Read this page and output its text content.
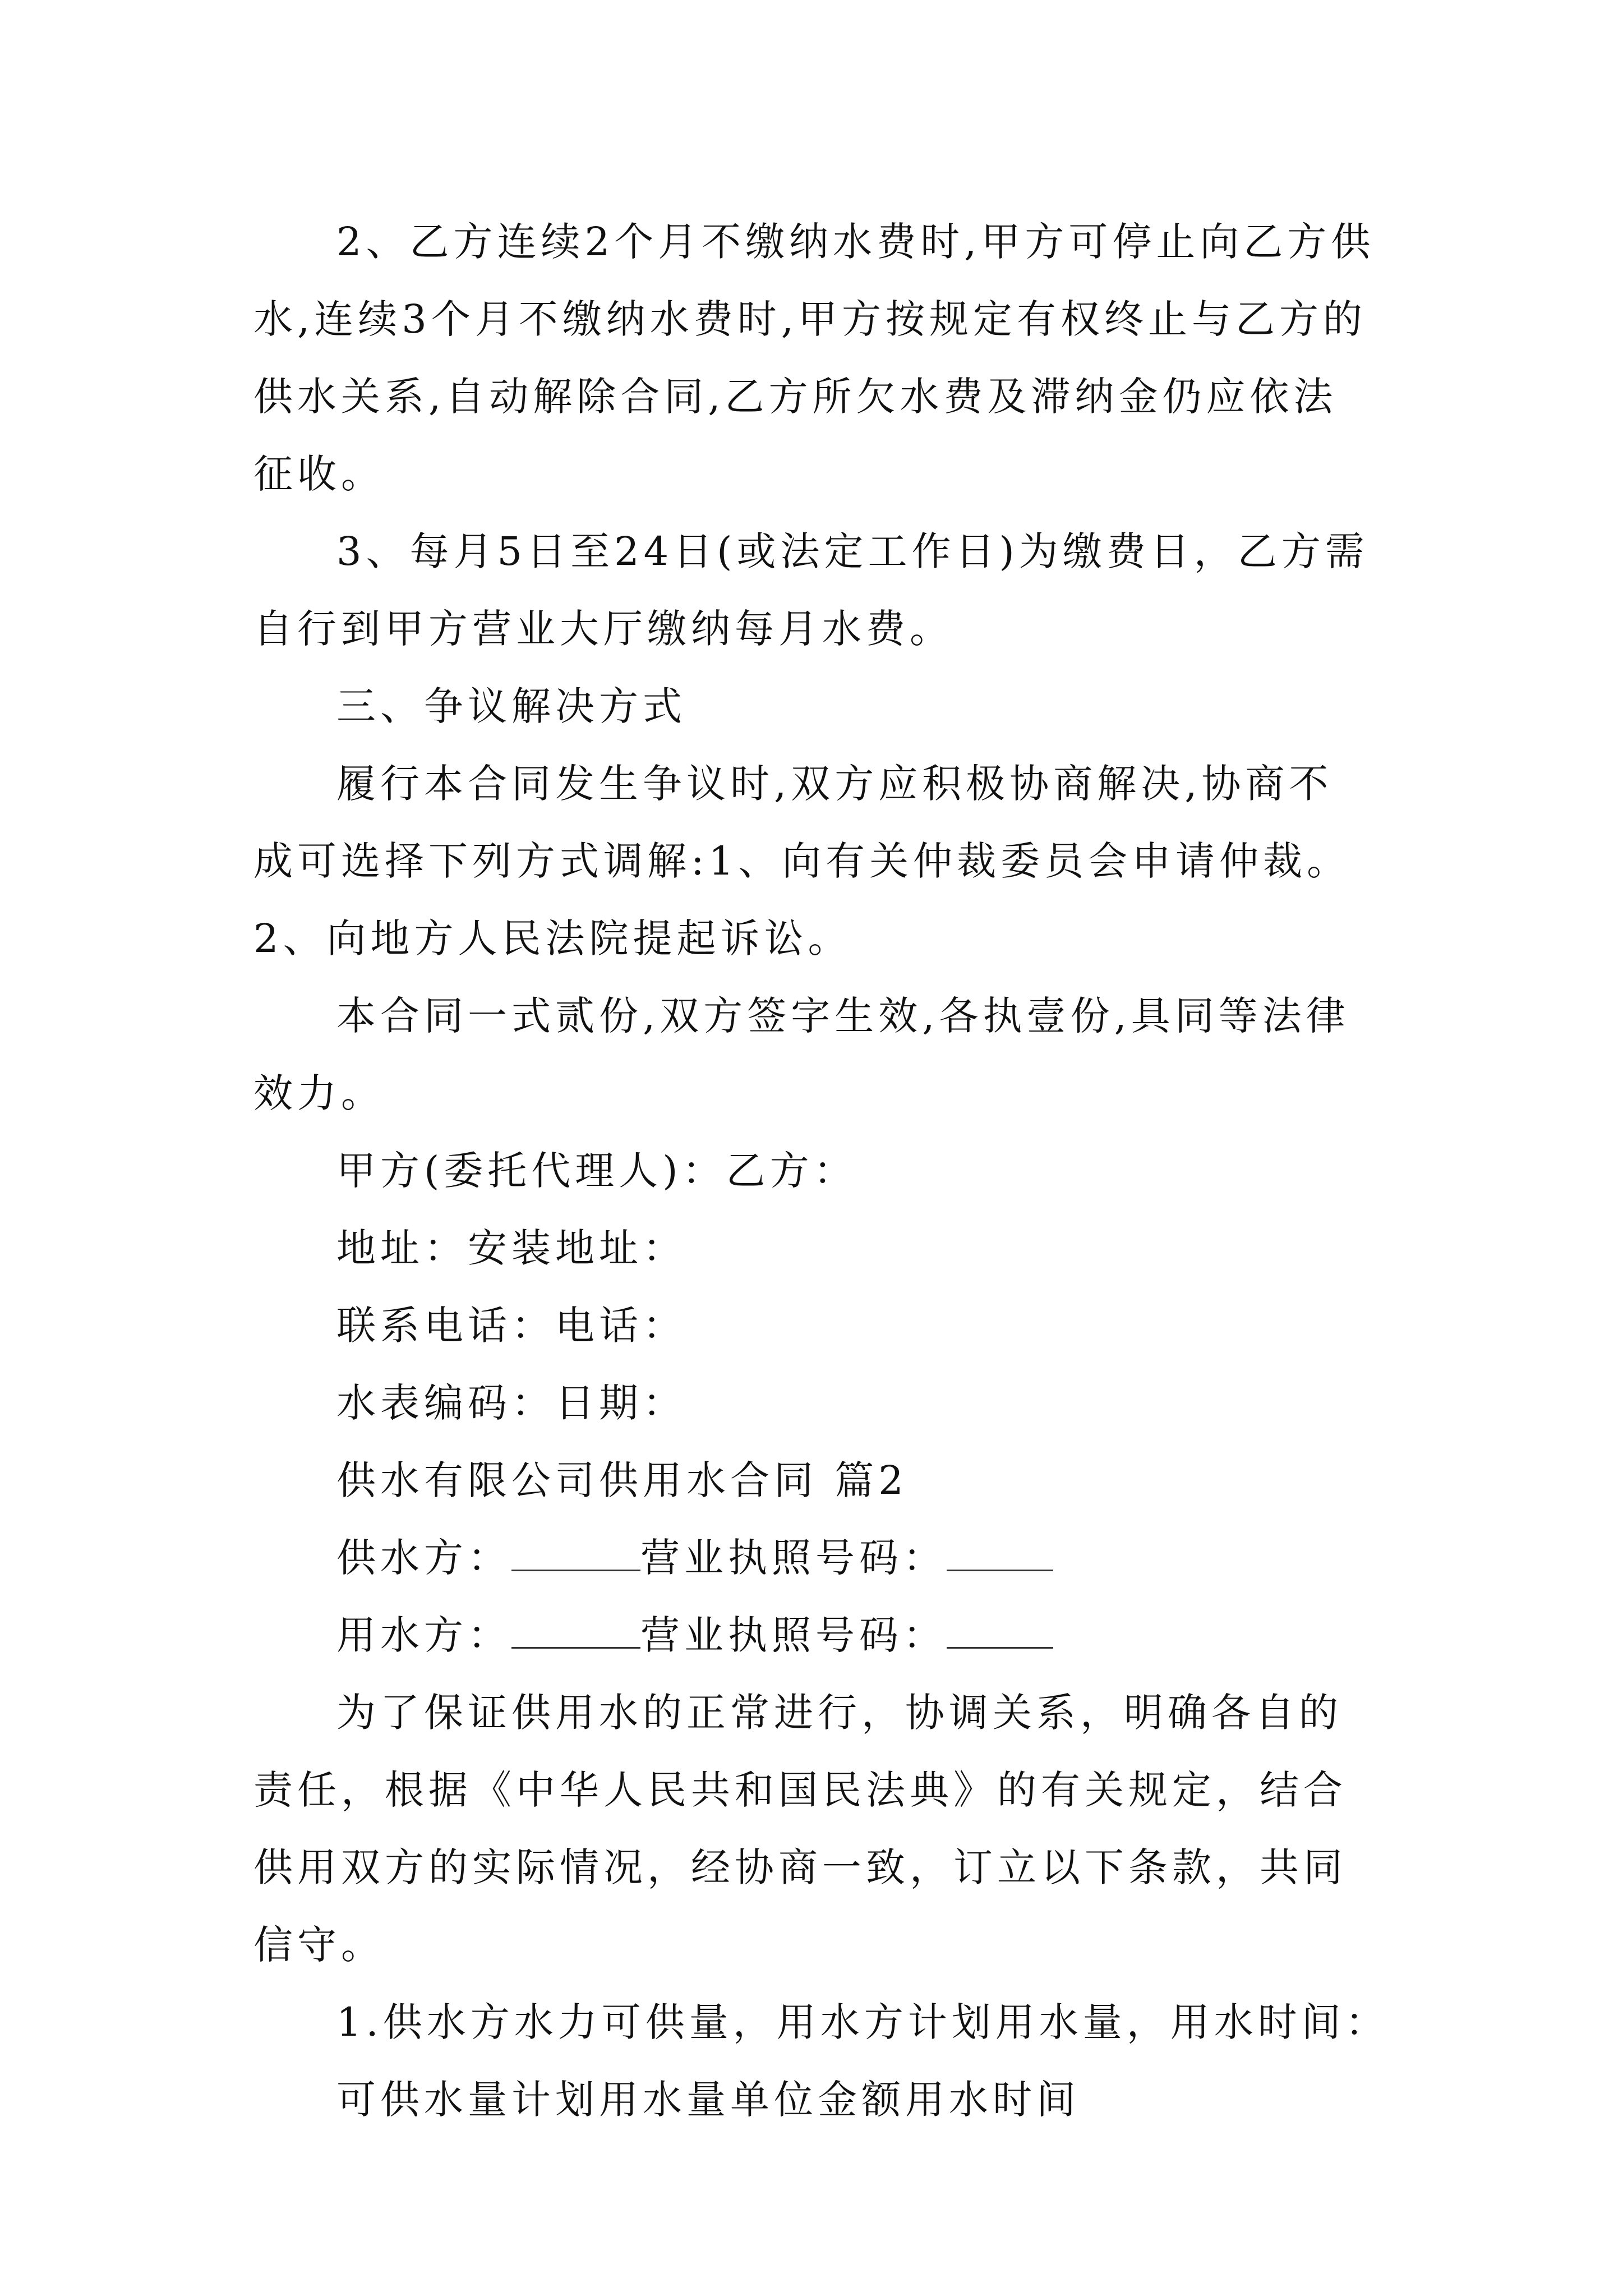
2、乙方连续2个月不缴纳水费时,甲方可停止向乙方供水,连续3个月不缴纳水费时,甲方按规定有权终止与乙方的供水关系,自动解除合同,乙方所欠水费及滞纳金仍应依法征收。

3、每月5日至24日(或法定工作日)为缴费日，乙方需自行到甲方营业大厅缴纳每月水费。

三、争议解决方式

履行本合同发生争议时,双方应积极协商解决,协商不成可选择下列方式调解:1、向有关仲裁委员会申请仲裁。2、向地方人民法院提起诉讼。

本合同一式贰份,双方签字生效,各执壹份,具同等法律效力。

甲方(委托代理人)：乙方：

地址：安装地址：

联系电话：电话：

水表编码：日期：

供水有限公司供用水合同 篇2

供水方：	营业执照号码：

用水方：	营业执照号码：

为了保证供用水的正常进行，协调关系，明确各自的责任，根据《中华人民共和国民法典》的有关规定，结合供用双方的实际情况，经协商一致，订立以下条款，共同信守。

1.供水方水力可供量，用水方计划用水量，用水时间：

可供水量计划用水量单位金额用水时间
